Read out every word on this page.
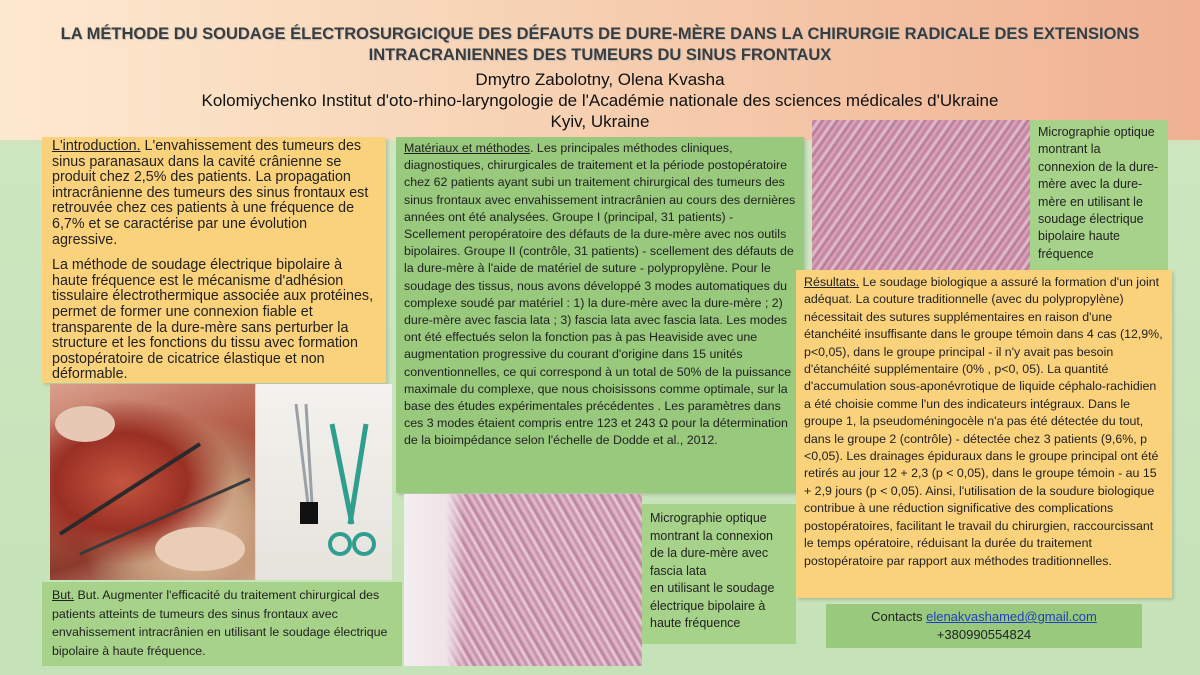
LA MÉTHODE DU SOUDAGE ÉLECTROSURGICIQUE DES DÉFAUTS DE DURE-MÈRE DANS LA CHIRURGIE RADICALE DES EXTENSIONS INTRACRANIENNES DES TUMEURS DU SINUS FRONTAUX
Dmytro Zabolotny, Olena Kvasha
Kolomiychenko Institut d'oto-rhino-laryngologie de l'Académie nationale des sciences médicales d'Ukraine
Kyiv, Ukraine

L'introduction. L'envahissement des tumeurs des sinus paranasaux dans la cavité crânienne se produit chez 2,5% des patients. La propagation intracrânienne des tumeurs des sinus frontaux est retrouvée chez ces patients à une fréquence de 6,7% et se caractérise par une évolution agressive.

La méthode de soudage électrique bipolaire à haute fréquence est le mécanisme d'adhésion tissulaire électrothermique associée aux protéines, permet de former une connexion fiable et transparente de la dure-mère sans perturber la structure et les fonctions du tissu avec formation postopératoire de cicatrice élastique et non déformable.

Matériaux et méthodes. Les principales méthodes cliniques, diagnostiques, chirurgicales de traitement et la période postopératoire chez 62 patients ayant subi un traitement chirurgical des tumeurs des sinus frontaux avec envahissement intracrânien au cours des dernières années ont été analysées. Groupe I (principal, 31 patients) - Scellement peropératoire des défauts de la dure-mère avec nos outils bipolaires. Groupe II (contrôle, 31 patients) - scellement des défauts de la dure-mère à l'aide de matériel de suture - polypropylène. Pour le soudage des tissus, nous avons développé 3 modes automatiques du complexe soudé par matériel : 1) la dure-mère avec la dure-mère ; 2) dure-mère avec fascia lata ; 3) fascia lata avec fascia lata. Les modes ont été effectués selon la fonction pas à pas Heaviside avec une augmentation progressive du courant d'origine dans 15 unités conventionnelles, ce qui correspond à un total de 50% de la puissance maximale du complexe, que nous choisissons comme optimale, sur la base des études expérimentales précédentes . Les paramètres dans ces 3 modes étaient compris entre 123 et 243 Ω pour la détermination de la bioimpédance selon l'échelle de Dodde et al., 2012.
Micrographie optique montrant la connexion de la dure-mère avec la dure-mère en utilisant le soudage électrique bipolaire haute fréquence
Résultats. Le soudage biologique a assuré la formation d'un joint adéquat. La couture traditionnelle (avec du polypropylène) nécessitait des sutures supplémentaires en raison d'une étanchéité insuffisante dans le groupe témoin dans 4 cas (12,9%, p<0,05), dans le groupe principal - il n'y avait pas besoin d'étanchéité supplémentaire (0% , p<0, 05). La quantité d'accumulation sous-aponévrotique de liquide céphalo-rachidien a été choisie comme l'un des indicateurs intégraux. Dans le groupe 1, la pseudoméningocèle n'a pas été détectée du tout, dans le groupe 2 (contrôle) - détectée chez 3 patients (9,6%, p <0,05). Les drainages épiduraux dans le groupe principal ont été retirés au jour 12 + 2,3 (p < 0,05), dans le groupe témoin - au 15 + 2,9 jours (p < 0,05). Ainsi, l'utilisation de la soudure biologique contribue à une réduction significative des complications postopératoires, facilitant le travail du chirurgien, raccourcissant le temps opératoire, réduisant la durée du traitement postopératoire par rapport aux méthodes traditionnelles.
Contacts elenakvashamed@gmail.com
+380990554824
But. But. Augmenter l'efficacité du traitement chirurgical des patients atteints de tumeurs des sinus frontaux avec envahissement intracrânien en utilisant le soudage électrique bipolaire à haute fréquence.
Micrographie optique montrant la connexion de la dure-mère avec fascia lata
en utilisant le soudage électrique bipolaire à haute fréquence
